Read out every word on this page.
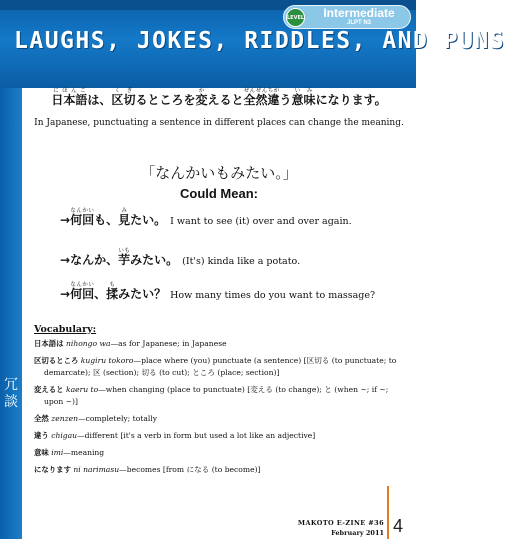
LEVEL	Intermediate
JLPT N3
LAUGHS, JOKES, RIDDLES, AND PUNS
冗談
日本語にほんごは、区く切ぎるところを変かえると全然ぜんぜん違ちがう意味いみになります。
In Japanese, punctuating a sentence in different places can change the meaning.
「なんかいもみたい。」
Could Mean:
→何回なんかいも、見みたい。 I want to see (it) over and over again.
→なんか、芋いもみたい。 (It's) kinda like a potato.
→何回なんかい、揉もみたい？ How many times do you want to massage?
Vocabulary:
日本語は nihongo wa—as for Japanese; in Japanese
区切るところ kugiru tokoro—place where (you) punctuate (a sentence) [区切る (to punctuate; to demarcate); 区 (section); 切る (to cut); ところ (place; section)]
変えると kaeru to—when changing (place to punctuate) [変える (to change); と (when ~; if ~; upon ~)]
全然 zenzen—completely; totally
違う chigau—different [it's a verb in form but used a lot like an adjective]
意味 imi—meaning
になります ni narimasu—becomes [from になる (to become)]
MAKOTO E-ZINE #36
February 2011 4
